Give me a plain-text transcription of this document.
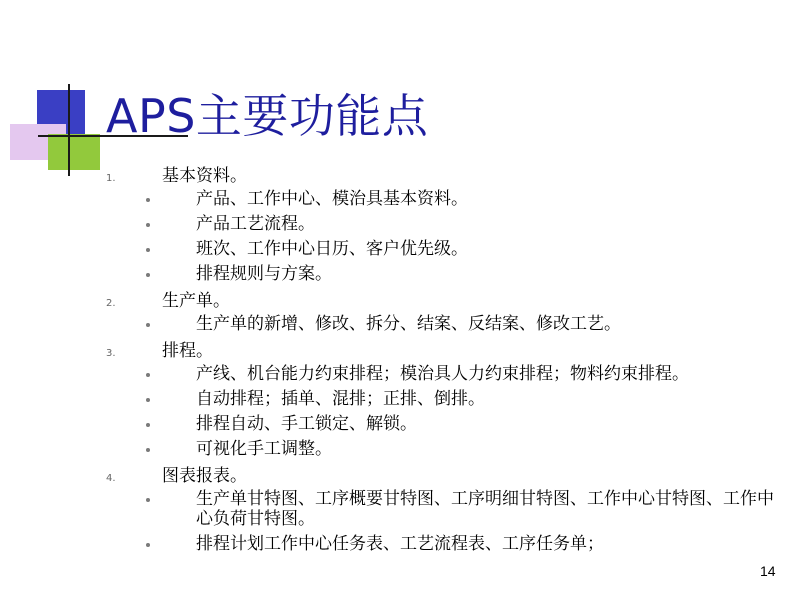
APS主要功能点
1.	基本资料。
产品、工作中心、模治具基本资料。
产品工艺流程。
班次、工作中心日历、客户优先级。
排程规则与方案。
2.	生产单。
生产单的新增、修改、拆分、结案、反结案、修改工艺。
3.	排程。
产线、机台能力约束排程；模治具人力约束排程；物料约束排程。
自动排程；插单、混排；正排、倒排。
排程自动、手工锁定、解锁。
可视化手工调整。
4.	图表报表。
生产单甘特图、工序概要甘特图、工序明细甘特图、工作中心甘特图、工作中心负荷甘特图。
排程计划工作中心任务表、工艺流程表、工序任务单；
14
